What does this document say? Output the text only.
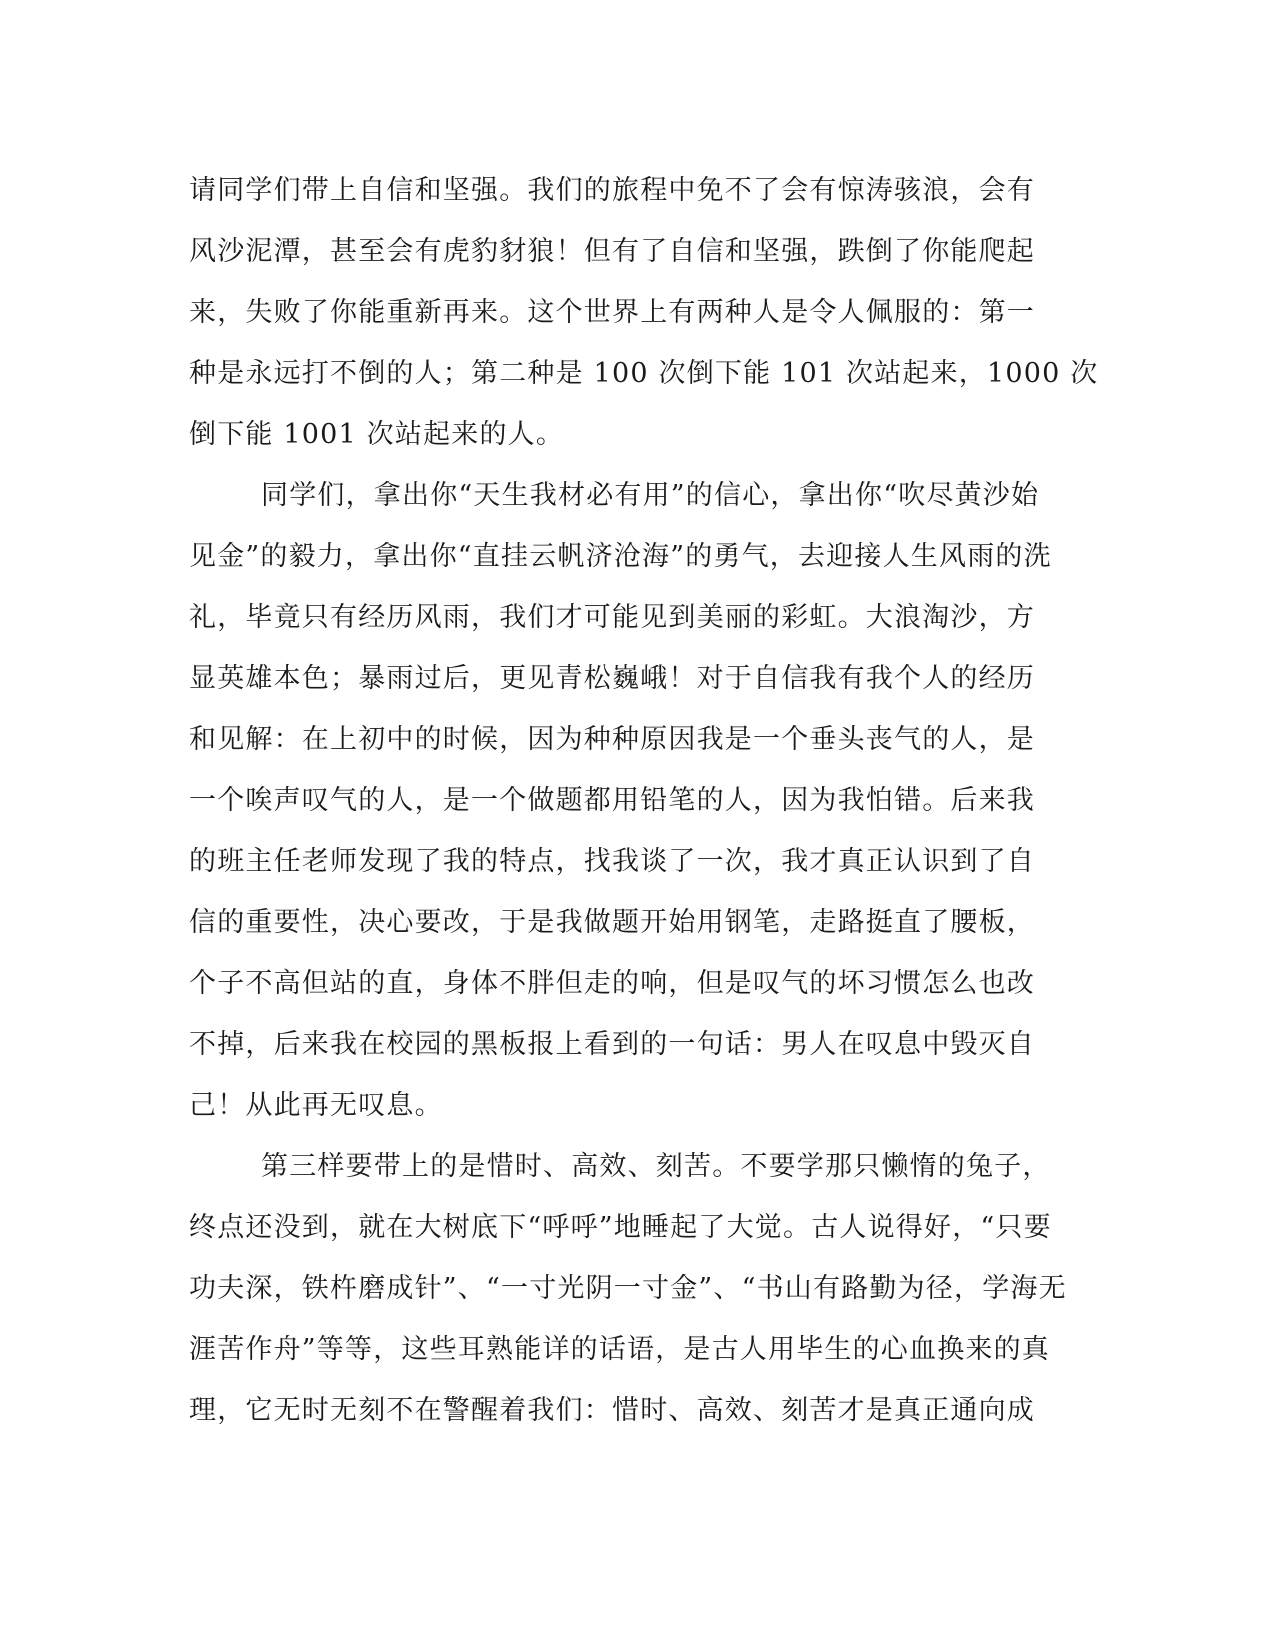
请同学们带上自信和坚强。我们的旅程中免不了会有惊涛骇浪，会有
风沙泥潭，甚至会有虎豹豺狼！但有了自信和坚强，跌倒了你能爬起
来，失败了你能重新再来。这个世界上有两种人是令人佩服的：第一
种是永远打不倒的人；第二种是 100 次倒下能 101 次站起来，1000 次
倒下能 1001 次站起来的人。
同学们，拿出你“天生我材必有用”的信心，拿出你“吹尽黄沙始
见金”的毅力，拿出你“直挂云帆济沧海”的勇气，去迎接人生风雨的洗
礼，毕竟只有经历风雨，我们才可能见到美丽的彩虹。大浪淘沙，方
显英雄本色；暴雨过后，更见青松巍峨！对于自信我有我个人的经历
和见解：在上初中的时候，因为种种原因我是一个垂头丧气的人，是
一个唉声叹气的人，是一个做题都用铅笔的人，因为我怕错。后来我
的班主任老师发现了我的特点，找我谈了一次，我才真正认识到了自
信的重要性，决心要改，于是我做题开始用钢笔，走路挺直了腰板，
个子不高但站的直，身体不胖但走的响，但是叹气的坏习惯怎么也改
不掉，后来我在校园的黑板报上看到的一句话：男人在叹息中毁灭自
己！从此再无叹息。
第三样要带上的是惜时、高效、刻苦。不要学那只懒惰的兔子，
终点还没到，就在大树底下“呼呼”地睡起了大觉。古人说得好，“只要
功夫深，铁杵磨成针”、“一寸光阴一寸金”、“书山有路勤为径，学海无
涯苦作舟”等等，这些耳熟能详的话语，是古人用毕生的心血换来的真
理，它无时无刻不在警醒着我们：惜时、高效、刻苦才是真正通向成
